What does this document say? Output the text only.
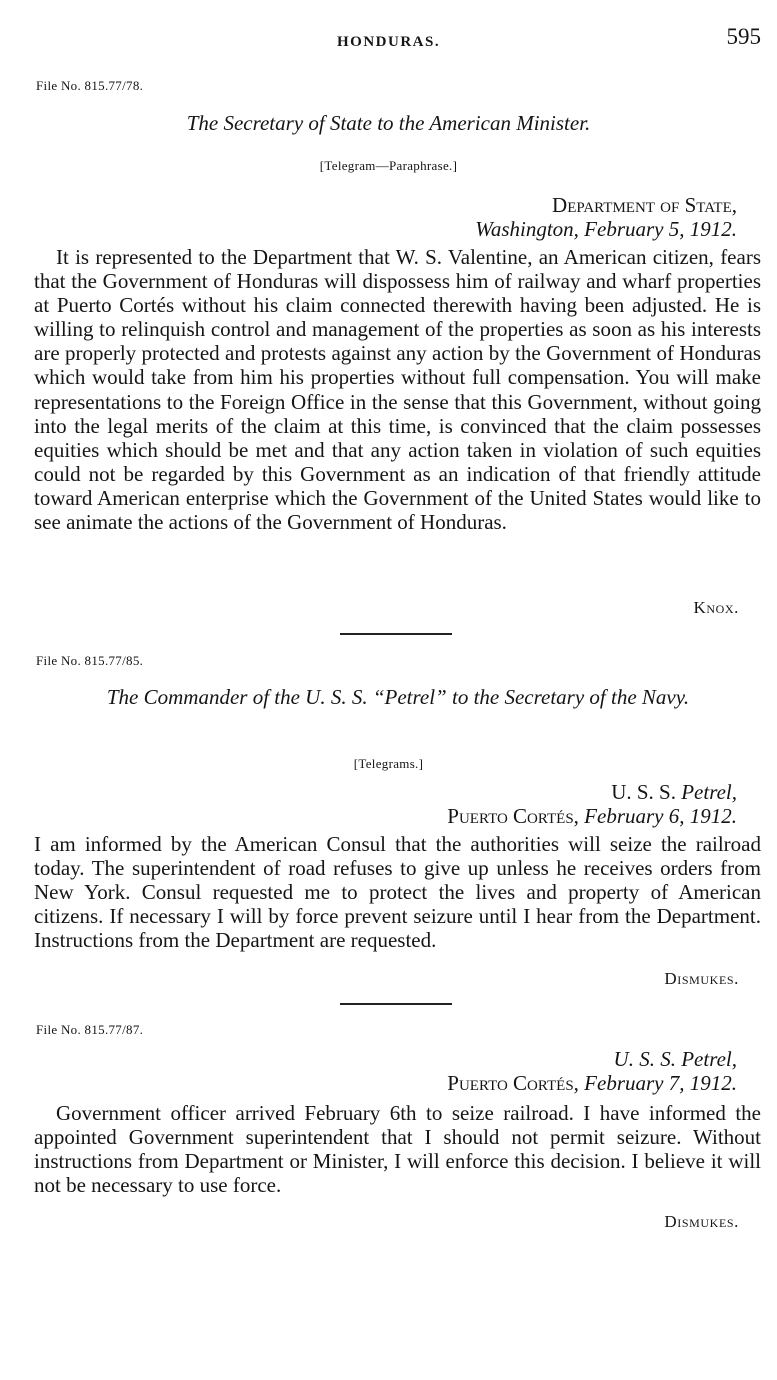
HONDURAS.	595
File No. 815.77/78.
The Secretary of State to the American Minister.
[Telegram—Paraphrase.]
Department of State,
Washington, February 5, 1912.
It is represented to the Department that W. S. Valentine, an American citizen, fears that the Government of Honduras will dispossess him of railway and wharf properties at Puerto Cortés without his claim connected therewith having been adjusted. He is willing to relinquish control and management of the properties as soon as his interests are properly protected and protests against any action by the Government of Honduras which would take from him his properties without full compensation. You will make representations to the Foreign Office in the sense that this Government, without going into the legal merits of the claim at this time, is convinced that the claim possesses equities which should be met and that any action taken in violation of such equities could not be regarded by this Government as an indication of that friendly attitude toward American enterprise which the Government of the United States would like to see animate the actions of the Government of Honduras.
Knox.
File No. 815.77/85.
The Commander of the U. S. S. “Petrel” to the Secretary of the Navy.
[Telegrams.]
U. S. S. Petrel,
Puerto Cortés, February 6, 1912.
I am informed by the American Consul that the authorities will seize the railroad today. The superintendent of road refuses to give up unless he receives orders from New York. Consul requested me to protect the lives and property of American citizens. If necessary I will by force prevent seizure until I hear from the Department. Instructions from the Department are requested.
Dismukes.
File No. 815.77/87.
U. S. S. Petrel,
Puerto Cortés, February 7, 1912.
Government officer arrived February 6th to seize railroad. I have informed the appointed Government superintendent that I should not permit seizure. Without instructions from Department or Minister, I will enforce this decision. I believe it will not be necessary to use force.
Dismukes.
